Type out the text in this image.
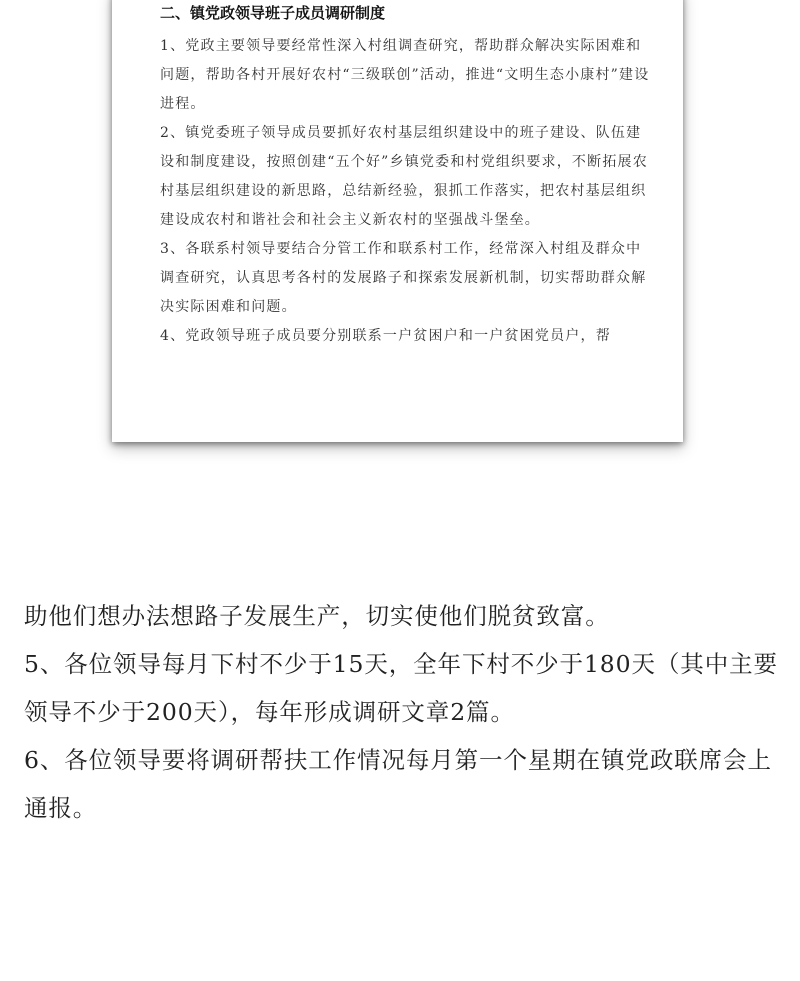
二、镇党政领导班子成员调研制度

1、党政主要领导要经常性深入村组调查研究，帮助群众解决实际困难和问题，帮助各村开展好农村“三级联创”活动，推进“文明生态小康村”建设进程。

2、镇党委班子领导成员要抓好农村基层组织建设中的班子建设、队伍建设和制度建设，按照创建“五个好”乡镇党委和村党组织要求，不断拓展农村基层组织建设的新思路，总结新经验，狠抓工作落实，把农村基层组织建设成农村和谐社会和社会主义新农村的坚强战斗堡垒。

3、各联系村领导要结合分管工作和联系村工作，经常深入村组及群众中调查研究，认真思考各村的发展路子和探索发展新机制，切实帮助群众解决实际困难和问题。

4、党政领导班子成员要分别联系一户贫困户和一户贫困党员户，帮

助他们想办法想路子发展生产，切实使他们脱贫致富。

5、各位领导每月下村不少于15天，全年下村不少于180天（其中主要领导不少于200天），每年形成调研文章2篇。

6、各位领导要将调研帮扶工作情况每月第一个星期在镇党政联席会上通报。
